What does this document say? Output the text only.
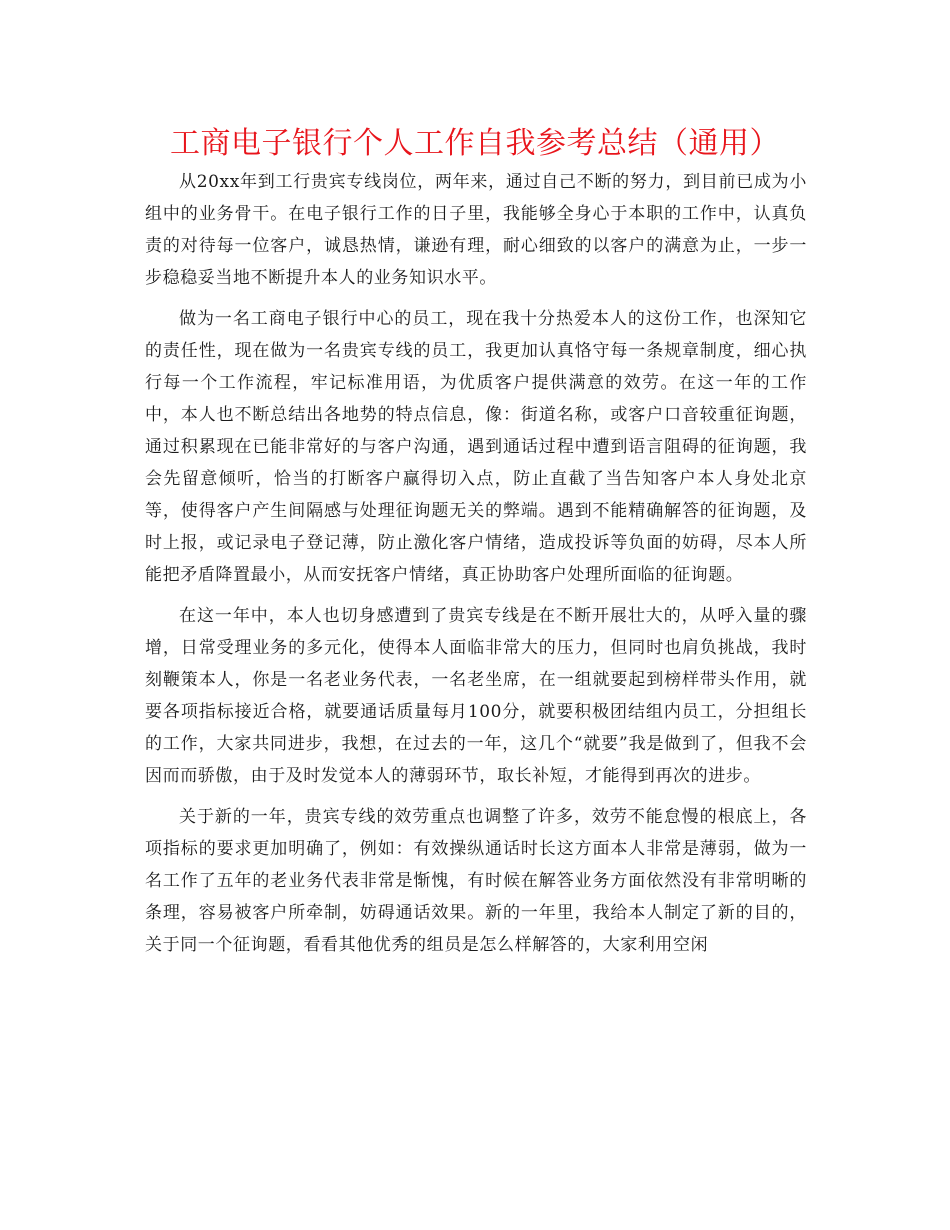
工商电子银行个人工作自我参考总结（通用）

从20xx年到工行贵宾专线岗位，两年来，通过自己不断的努力，到目前已成为小组中的业务骨干。在电子银行工作的日子里，我能够全身心于本职的工作中，认真负责的对待每一位客户，诚恳热情，谦逊有理，耐心细致的以客户的满意为止，一步一步稳稳妥当地不断提升本人的业务知识水平。

做为一名工商电子银行中心的员工，现在我十分热爱本人的这份工作，也深知它的责任性，现在做为一名贵宾专线的员工，我更加认真恪守每一条规章制度，细心执行每一个工作流程，牢记标准用语，为优质客户提供满意的效劳。在这一年的工作中，本人也不断总结出各地势的特点信息，像：街道名称，或客户口音较重征询题，通过积累现在已能非常好的与客户沟通，遇到通话过程中遭到语言阻碍的征询题，我会先留意倾听，恰当的打断客户赢得切入点，防止直截了当告知客户本人身处北京等，使得客户产生间隔感与处理征询题无关的弊端。遇到不能精确解答的征询题，及时上报，或记录电子登记薄，防止激化客户情绪，造成投诉等负面的妨碍，尽本人所能把矛盾降置最小，从而安抚客户情绪，真正协助客户处理所面临的征询题。

在这一年中，本人也切身感遭到了贵宾专线是在不断开展壮大的，从呼入量的骤增，日常受理业务的多元化，使得本人面临非常大的压力，但同时也肩负挑战，我时刻鞭策本人，你是一名老业务代表，一名老坐席，在一组就要起到榜样带头作用，就要各项指标接近合格，就要通话质量每月100分，就要积极团结组内员工，分担组长的工作，大家共同进步，我想，在过去的一年，这几个“就要”我是做到了，但我不会因而而骄傲，由于及时发觉本人的薄弱环节，取长补短，才能得到再次的进步。

关于新的一年，贵宾专线的效劳重点也调整了许多，效劳不能怠慢的根底上，各项指标的要求更加明确了，例如：有效操纵通话时长这方面本人非常是薄弱，做为一名工作了五年的老业务代表非常是惭愧，有时候在解答业务方面依然没有非常明晰的条理，容易被客户所牵制，妨碍通话效果。新的一年里，我给本人制定了新的目的，关于同一个征询题，看看其他优秀的组员是怎么样解答的，大家利用空闲
